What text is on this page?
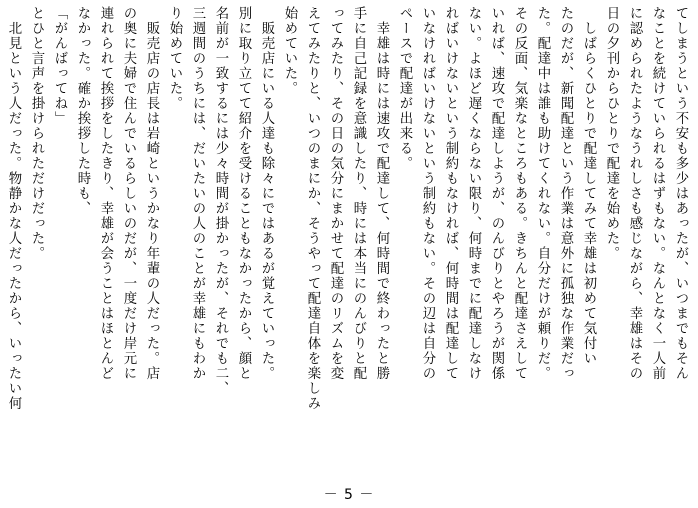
てしまうという不安も多少はあったが、いつまでもそん

なことを続けていられるはずもない。なんとなく一人前

に認められたようなうれしさも感じながら、幸雄はその

日の夕刊からひとりで配達を始めた。

　しばらくひとりで配達してみて幸雄は初めて気付い

たのだが、新聞配達という作業は意外に孤独な作業だっ

た。配達中は誰も助けてくれない。自分だけが頼りだ。

その反面、気楽なところもある。きちんと配達さえして

いれば、速攻で配達しようが、のんびりとやろうが関係

ない。よほど遅くならない限り、何時までに配達しなけ

ればいけないという制約もなければ、何時間は配達して

いなければいけないという制約もない。その辺は自分の

ペースで配達が出来る。

　幸雄は時には速攻で配達して、何時間で終わったと勝

手に自己記録を意識したり、時には本当にのんびりと配

ってみたり、その日の気分にまかせて配達のリズムを変

えてみたりと、いつのまにか、そうやって配達自体を楽しみ

始めていた。

　販売店にいる人達も除々にではあるが覚えていった。

別に取り立てて紹介を受けることもなかったから、顔と

名前が一致するには少々時間が掛かったが、それでも二、

三週間のうちには、だいたいの人のことが幸雄にもわか

り始めていた。

　販売店の店長は岩崎というかなり年輩の人だった。店

の奥に夫婦で住んでいるらしいのだが、一度だけ岸元に

連れられて挨拶をしたきり、幸雄が会うことはほとんど

なかった。確か挨拶した時も、

「がんばってね」

とひと言声を掛けられただけだった。

　北見という人だった。物静かな人だったから、いったい何

－ 5 －
